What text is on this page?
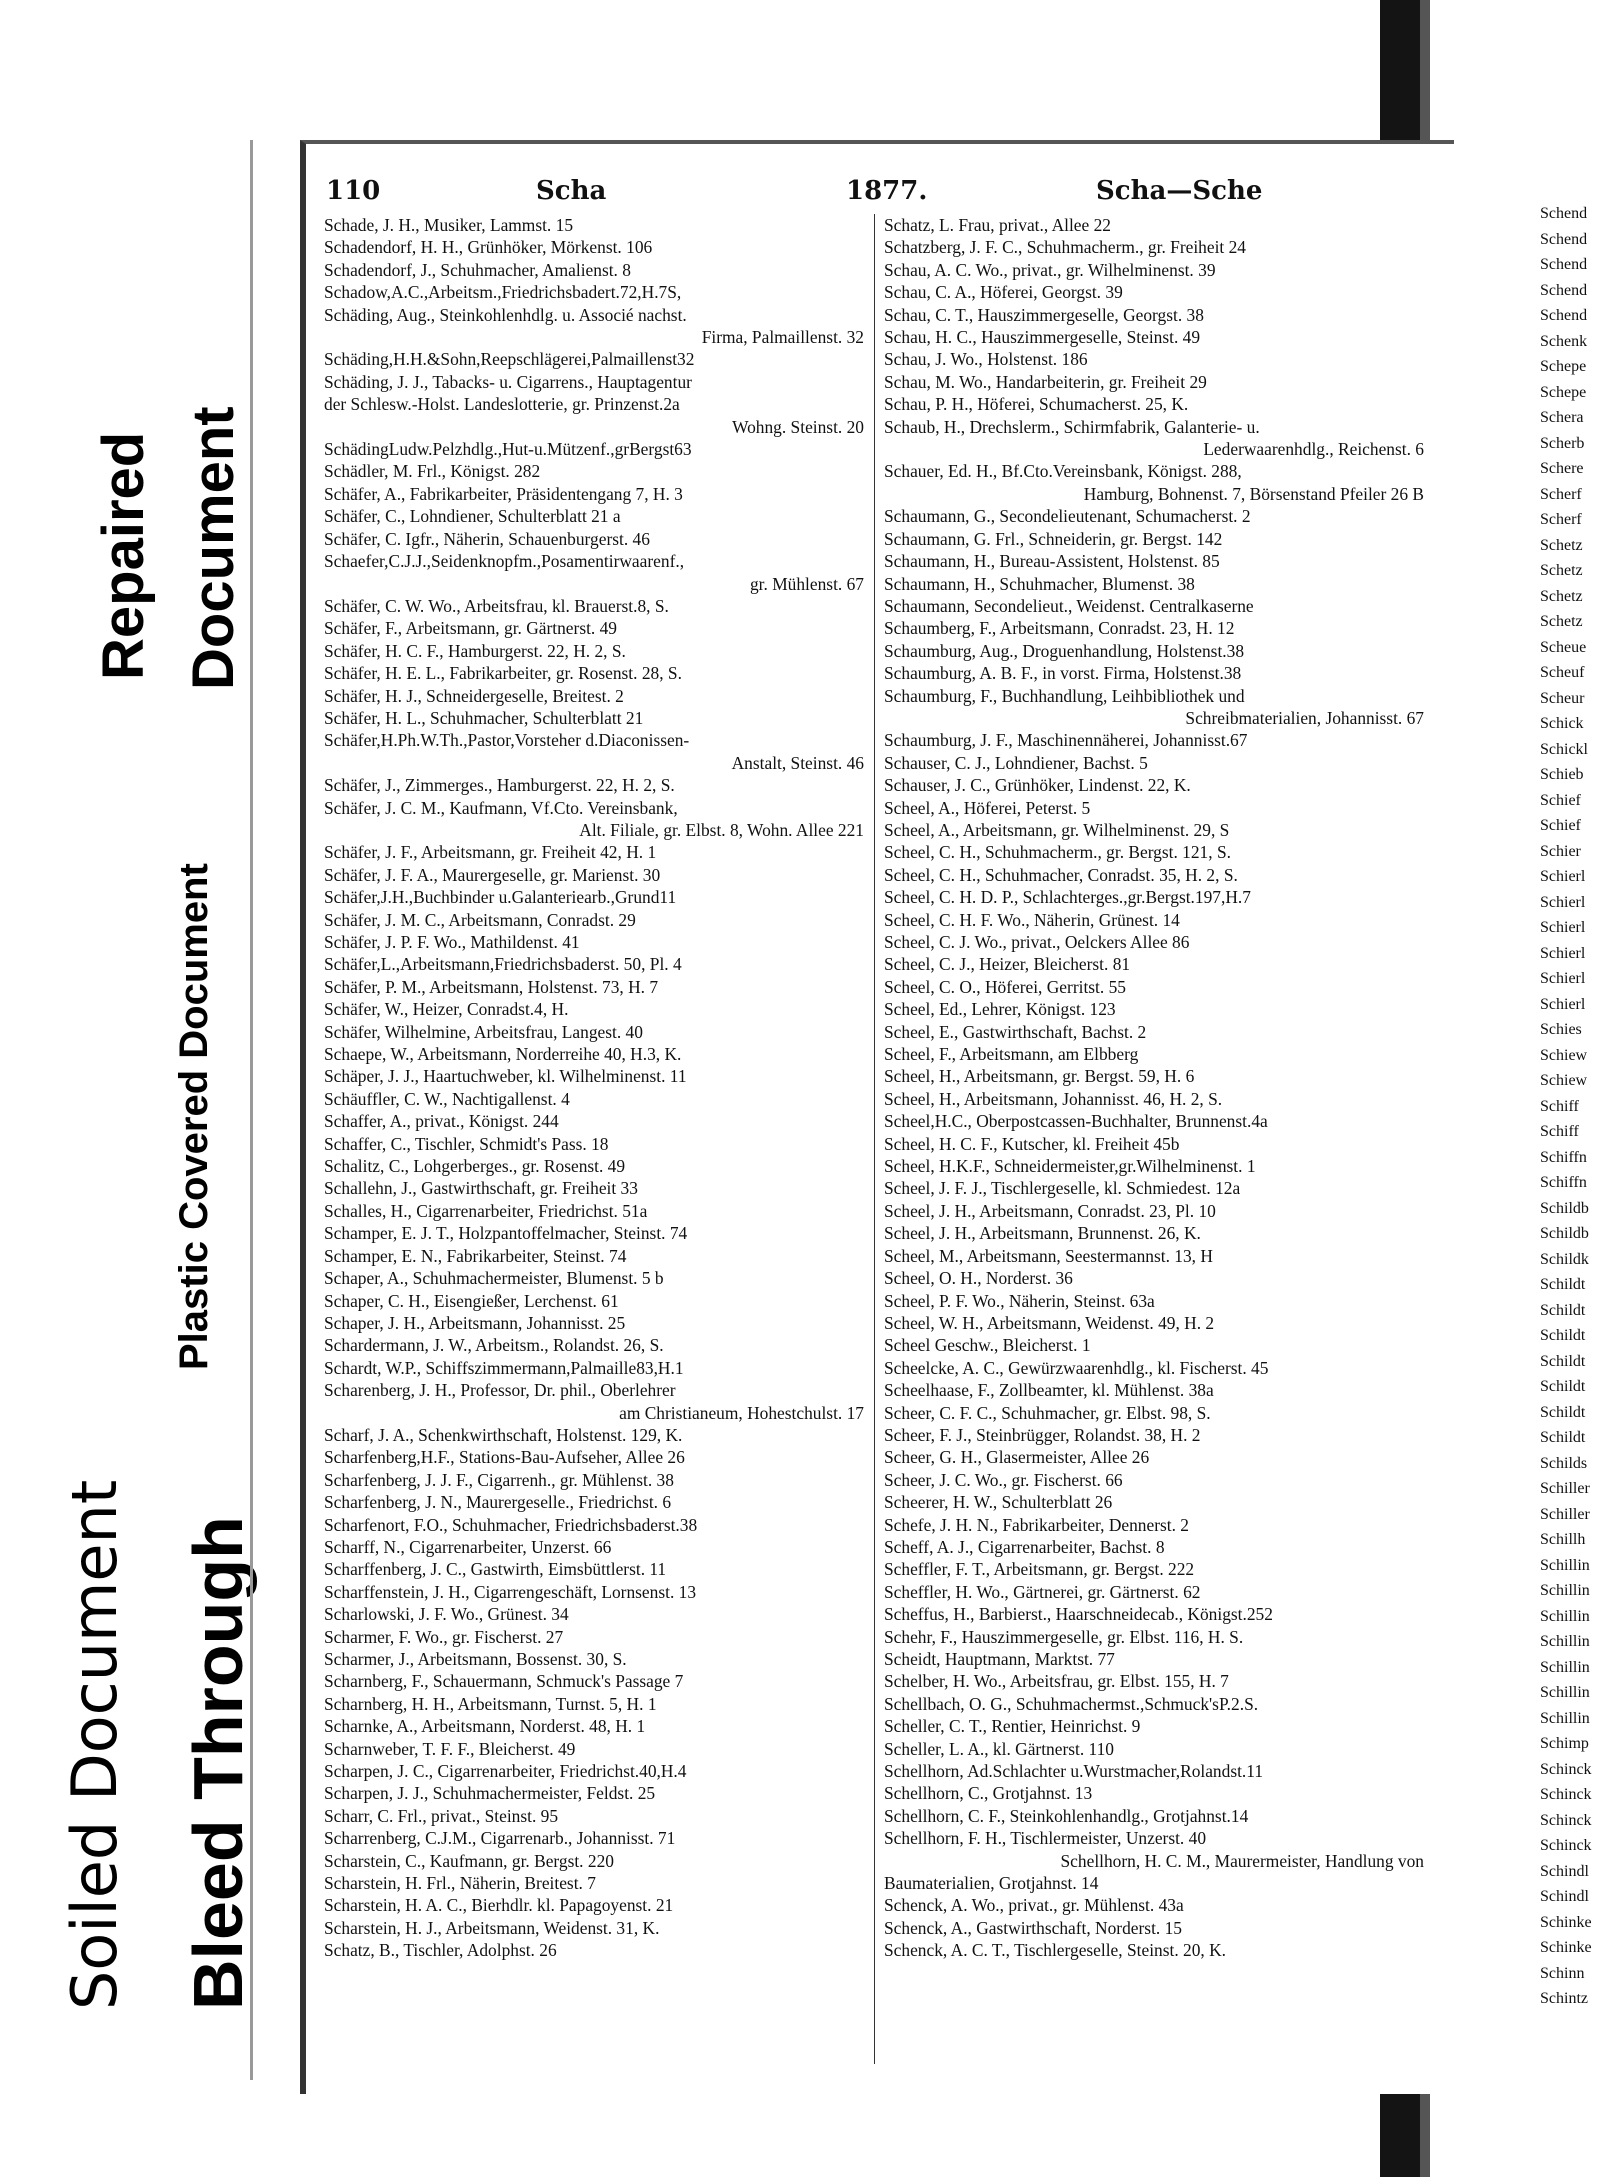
Repaired Document
Plastic Covered Document
Soiled Document Bleed Through
110	Scha	1877.	Scha—Sche
Schade, J. H., Musiker, Lammst. 15
Schadendorf, H. H., Grünhöker, Mörkenst. 106
Schadendorf, J., Schuhmacher, Amalienst. 8
Schadow,A.C.,Arbeitsm.,Friedrichsbadert.72,H.7S,
Schäding, Aug., Steinkohlenhdlg. u. Associé nachst.
Firma, Palmaillenst. 32
Schäding,H.H.&Sohn,Reepschlägerei,Palmaillenst32
Schäding, J. J., Tabacks- u. Cigarrens., Hauptagentur
der Schlesw.-Holst. Landeslotterie, gr. Prinzenst.2a
Wohng. Steinst. 20
SchädingLudw.Pelzhdlg.,Hut-u.Mützenf.,grBergst63
Schädler, M. Frl., Königst. 282
Schäfer, A., Fabrikarbeiter, Präsidentengang 7, H. 3
Schäfer, C., Lohndiener, Schulterblatt 21 a
Schäfer, C. Igfr., Näherin, Schauenburgerst. 46
Schaefer,C.J.J.,Seidenknopfm.,Posamentirwaarenf.,
gr. Mühlenst. 67
Schäfer, C. W. Wo., Arbeitsfrau, kl. Brauerst.8, S.
Schäfer, F., Arbeitsmann, gr. Gärtnerst. 49
Schäfer, H. C. F., Hamburgerst. 22, H. 2, S.
Schäfer, H. E. L., Fabrikarbeiter, gr. Rosenst. 28, S.
Schäfer, H. J., Schneidergeselle, Breitest. 2
Schäfer, H. L., Schuhmacher, Schulterblatt 21
Schäfer,H.Ph.W.Th.,Pastor,Vorsteher d.Diaconissen-
Anstalt, Steinst. 46
Schäfer, J., Zimmerges., Hamburgerst. 22, H. 2, S.
Schäfer, J. C. M., Kaufmann, Vf.Cto. Vereinsbank,
Alt. Filiale, gr. Elbst. 8, Wohn. Allee 221
Schäfer, J. F., Arbeitsmann, gr. Freiheit 42, H. 1
Schäfer, J. F. A., Maurergeselle, gr. Marienst. 30
Schäfer,J.H.,Buchbinder u.Galanteriearb.,Grund11
Schäfer, J. M. C., Arbeitsmann, Conradst. 29
Schäfer, J. P. F. Wo., Mathildenst. 41
Schäfer,L.,Arbeitsmann,Friedrichsbaderst. 50, Pl. 4
Schäfer, P. M., Arbeitsmann, Holstenst. 73, H. 7
Schäfer, W., Heizer, Conradst.4, H.
Schäfer, Wilhelmine, Arbeitsfrau, Langest. 40
Schaepe, W., Arbeitsmann, Norderreihe 40, H.3, K.
Schäper, J. J., Haartuchweber, kl. Wilhelminenst. 11
Schäuffler, C. W., Nachtigallenst. 4
Schaffer, A., privat., Königst. 244
Schaffer, C., Tischler, Schmidt's Pass. 18
Schalitz, C., Lohgerberges., gr. Rosenst. 49
Schallehn, J., Gastwirthschaft, gr. Freiheit 33
Schalles, H., Cigarrenarbeiter, Friedrichst. 51a
Schamper, E. J. T., Holzpantoffelmacher, Steinst. 74
Schamper, E. N., Fabrikarbeiter, Steinst. 74
Schaper, A., Schuhmachermeister, Blumenst. 5 b
Schaper, C. H., Eisengießer, Lerchenst. 61
Schaper, J. H., Arbeitsmann, Johannisst. 25
Schardermann, J. W., Arbeitsm., Rolandst. 26, S.
Schardt, W.P., Schiffszimmermann,Palmaille83,H.1
Scharenberg, J. H., Professor, Dr. phil., Oberlehrer
am Christianeum, Hohestchulst. 17
Scharf, J. A., Schenkwirthschaft, Holstenst. 129, K.
Scharfenberg,H.F., Stations-Bau-Aufseher, Allee 26
Scharfenberg, J. J. F., Cigarrenh., gr. Mühlenst. 38
Scharfenberg, J. N., Maurergeselle., Friedrichst. 6
Scharfenort, F.O., Schuhmacher, Friedrichsbaderst.38
Scharff, N., Cigarrenarbeiter, Unzerst. 66
Scharffenberg, J. C., Gastwirth, Eimsbüttlerst. 11
Scharffenstein, J. H., Cigarrengeschäft, Lornsenst. 13
Scharlowski, J. F. Wo., Grünest. 34
Scharmer, F. Wo., gr. Fischerst. 27
Scharmer, J., Arbeitsmann, Bossenst. 30, S.
Scharnberg, F., Schauermann, Schmuck's Passage 7
Scharnberg, H. H., Arbeitsmann, Turnst. 5, H. 1
Scharnke, A., Arbeitsmann, Norderst. 48, H. 1
Scharnweber, T. F. F., Bleicherst. 49
Scharpen, J. C., Cigarrenarbeiter, Friedrichst.40,H.4
Scharpen, J. J., Schuhmachermeister, Feldst. 25
Scharr, C. Frl., privat., Steinst. 95
Scharrenberg, C.J.M., Cigarrenarb., Johannisst. 71
Scharstein, C., Kaufmann, gr. Bergst. 220
Scharstein, H. Frl., Näherin, Breitest. 7
Scharstein, H. A. C., Bierhdlr. kl. Papagoyenst. 21
Scharstein, H. J., Arbeitsmann, Weidenst. 31, K.
Schatz, B., Tischler, Adolphst. 26
Schatz, L. Frau, privat., Allee 22
Schatzberg, J. F. C., Schuhmacherm., gr. Freiheit 24
Schau, A. C. Wo., privat., gr. Wilhelminenst. 39
Schau, C. A., Höferei, Georgst. 39
Schau, C. T., Hauszimmergeselle, Georgst. 38
Schau, H. C., Hauszimmergeselle, Steinst. 49
Schau, J. Wo., Holstenst. 186
Schau, M. Wo., Handarbeiterin, gr. Freiheit 29
Schau, P. H., Höferei, Schumacherst. 25, K.
Schaub, H., Drechslerm., Schirmfabrik, Galanterie- u.
Lederwaarenhdlg., Reichenst. 6
Schauer, Ed. H., Bf.Cto.Vereinsbank, Königst. 288,
Hamburg, Bohnenst. 7, Börsenstand Pfeiler 26 B
Schaumann, G., Secondelieutenant, Schumacherst. 2
Schaumann, G. Frl., Schneiderin, gr. Bergst. 142
Schaumann, H., Bureau-Assistent, Holstenst. 85
Schaumann, H., Schuhmacher, Blumenst. 38
Schaumann, Secondelieut., Weidenst. Centralkaserne
Schaumberg, F., Arbeitsmann, Conradst. 23, H. 12
Schaumburg, Aug., Droguenhandlung, Holstenst.38
Schaumburg, A. B. F., in vorst. Firma, Holstenst.38
Schaumburg, F., Buchhandlung, Leihbibliothek und
Schreibmaterialien, Johannisst. 67
Schaumburg, J. F., Maschinennäherei, Johannisst.67
Schauser, C. J., Lohndiener, Bachst. 5
Schauser, J. C., Grünhöker, Lindenst. 22, K.
Scheel, A., Höferei, Peterst. 5
Scheel, A., Arbeitsmann, gr. Wilhelminenst. 29, S
Scheel, C. H., Schuhmacherm., gr. Bergst. 121, S.
Scheel, C. H., Schuhmacher, Conradst. 35, H. 2, S.
Scheel, C. H. D. P., Schlachterges.,gr.Bergst.197,H.7
Scheel, C. H. F. Wo., Näherin, Grünest. 14
Scheel, C. J. Wo., privat., Oelckers Allee 86
Scheel, C. J., Heizer, Bleicherst. 81
Scheel, C. O., Höferei, Gerritst. 55
Scheel, Ed., Lehrer, Königst. 123
Scheel, E., Gastwirthschaft, Bachst. 2
Scheel, F., Arbeitsmann, am Elbberg
Scheel, H., Arbeitsmann, gr. Bergst. 59, H. 6
Scheel, H., Arbeitsmann, Johannisst. 46, H. 2, S.
Scheel,H.C., Oberpostcassen-Buchhalter, Brunnenst.4a
Scheel, H. C. F., Kutscher, kl. Freiheit 45b
Scheel, H.K.F., Schneidermeister,gr.Wilhelminenst. 1
Scheel, J. F. J., Tischlergeselle, kl. Schmiedest. 12a
Scheel, J. H., Arbeitsmann, Conradst. 23, Pl. 10
Scheel, J. H., Arbeitsmann, Brunnenst. 26, K.
Scheel, M., Arbeitsmann, Seestermannst. 13, H
Scheel, O. H., Norderst. 36
Scheel, P. F. Wo., Näherin, Steinst. 63a
Scheel, W. H., Arbeitsmann, Weidenst. 49, H. 2
Scheel Geschw., Bleicherst. 1
Scheelcke, A. C., Gewürzwaarenhdlg., kl. Fischerst. 45
Scheelhaase, F., Zollbeamter, kl. Mühlenst. 38a
Scheer, C. F. C., Schuhmacher, gr. Elbst. 98, S.
Scheer, F. J., Steinbrügger, Rolandst. 38, H. 2
Scheer, G. H., Glasermeister, Allee 26
Scheer, J. C. Wo., gr. Fischerst. 66
Scheerer, H. W., Schulterblatt 26
Schefe, J. H. N., Fabrikarbeiter, Dennerst. 2
Scheff, A. J., Cigarrenarbeiter, Bachst. 8
Scheffler, F. T., Arbeitsmann, gr. Bergst. 222
Scheffler, H. Wo., Gärtnerei, gr. Gärtnerst. 62
Scheffus, H., Barbierst., Haarschneidecab., Königst.252
Schehr, F., Hauszimmergeselle, gr. Elbst. 116, H. S.
Scheidt, Hauptmann, Marktst. 77
Schelber, H. Wo., Arbeitsfrau, gr. Elbst. 155, H. 7
Schellbach, O. G., Schuhmachermst.,Schmuck'sP.2.S.
Scheller, C. T., Rentier, Heinrichst. 9
Scheller, L. A., kl. Gärtnerst. 110
Schellhorn, Ad.Schlachter u.Wurstmacher,Rolandst.11
Schellhorn, C., Grotjahnst. 13
Schellhorn, C. F., Steinkohlenhandlg., Grotjahnst.14
Schellhorn, F. H., Tischlermeister, Unzerst. 40
Schellhorn, H. C. M., Maurermeister, Handlung von
Baumaterialien, Grotjahnst. 14
Schenck, A. Wo., privat., gr. Mühlenst. 43a
Schenck, A., Gastwirthschaft, Norderst. 15
Schenck, A. C. T., Tischlergeselle, Steinst. 20, K.
Schend
Schend
Schend
Schend
Schend
Schenk
Schepe
Schepe
Schera
Scherb
Schere
Scherf
Scherf
Schetz
Schetz
Schetz
Schetz
Scheue
Scheuf
Scheur
Schick
Schickl
Schieb
Schief
Schief
Schier
Schierl
Schierl
Schierl
Schierl
Schierl
Schierl
Schies
Schiew
Schiew
Schiff
Schiff
Schiffn
Schiffn
Schildb
Schildb
Schildk
Schildt
Schildt
Schildt
Schildt
Schildt
Schildt
Schildt
Schilds
Schiller
Schiller
Schillh
Schillin
Schillin
Schillin
Schillin
Schillin
Schillin
Schillin
Schimp
Schinck
Schinck
Schinck
Schinck
Schindl
Schindl
Schinke
Schinke
Schinn
Schintz
